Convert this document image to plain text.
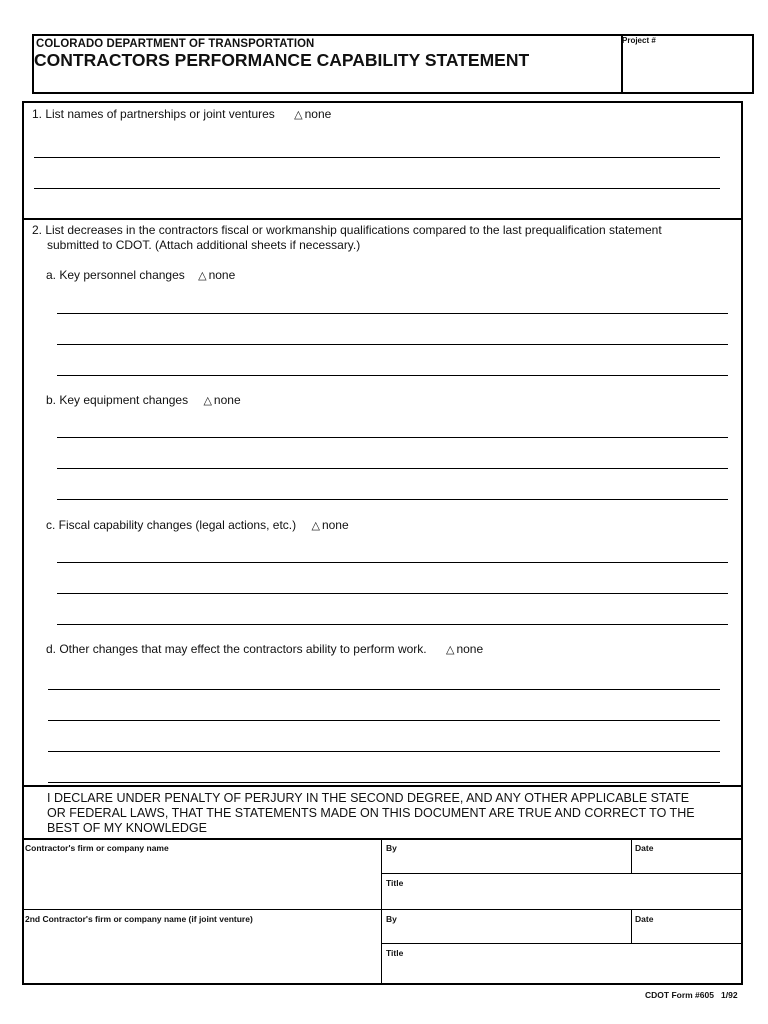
COLORADO DEPARTMENT OF TRANSPORTATION
CONTRACTORS PERFORMANCE CAPABILITY STATEMENT
Project #
1. List names of partnerships or joint ventures △ none
2. List decreases in the contractors fiscal or workmanship qualifications compared to the last prequalification statement
submitted to CDOT. (Attach additional sheets if necessary.)
a. Key personnel changes △ none
b. Key equipment changes △ none
c. Fiscal capability changes (legal actions, etc.) △ none
d. Other changes that may effect the contractors ability to perform work. △ none
I DECLARE UNDER PENALTY OF PERJURY IN THE SECOND DEGREE, AND ANY OTHER APPLICABLE STATE
OR FEDERAL LAWS, THAT THE STATEMENTS MADE ON THIS DOCUMENT ARE TRUE AND CORRECT TO THE
BEST OF MY KNOWLEDGE
Contractor's firm or company name	By	Date
Title
2nd Contractor's firm or company name (if joint venture)	By	Date
Title
CDOT Form #605   1/92
